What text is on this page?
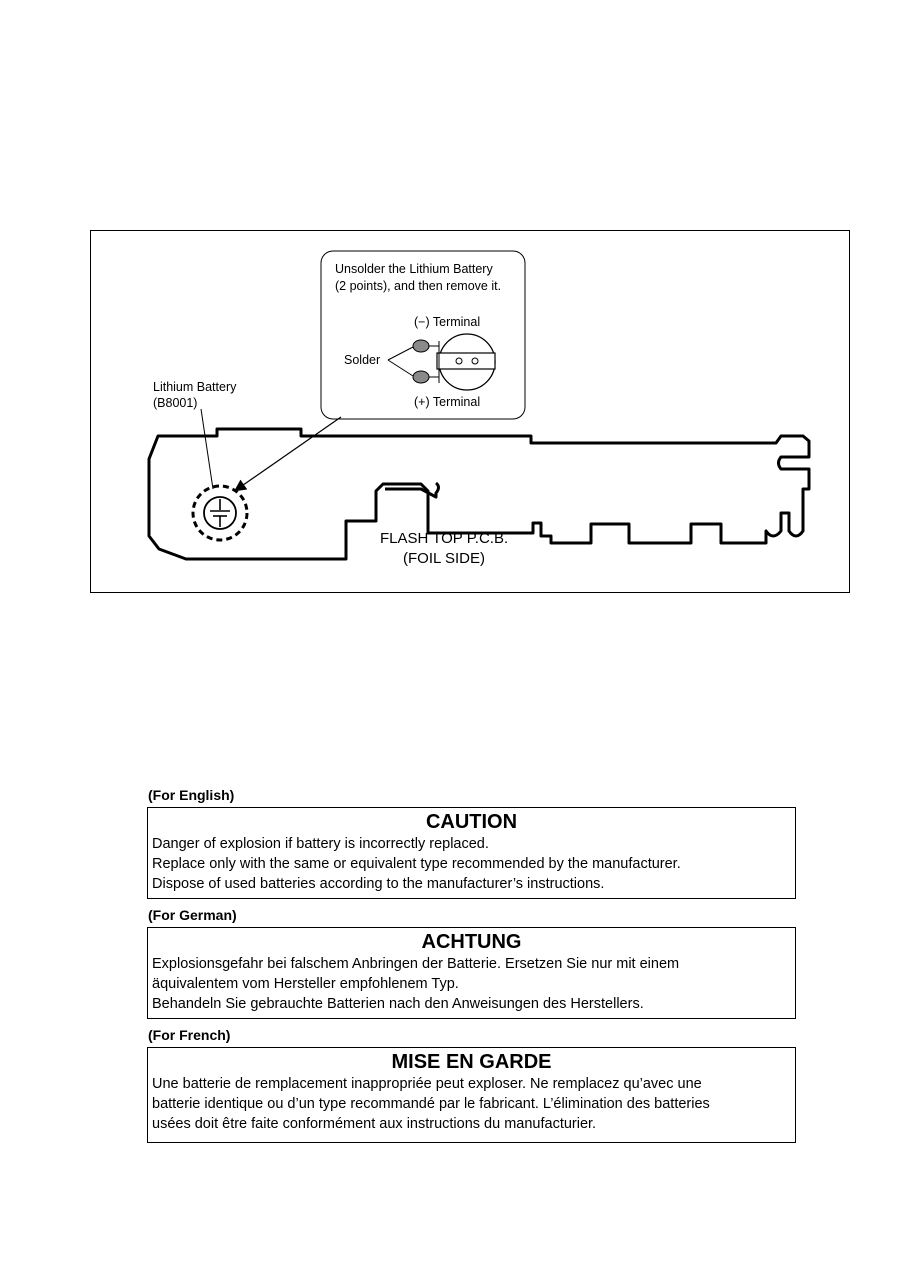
Unsolder the Lithium Battery
(2 points), and then remove it.
(−) Terminal
Solder
(+) Terminal
Lithium Battery
(B8001)
FLASH TOP P.C.B.
(FOIL SIDE)
(For English)
CAUTION
Danger of explosion if battery is incorrectly replaced.
Replace only with the same or equivalent type recommended by the manufacturer.
Dispose of used batteries according to the manufacturer’s instructions.
(For German)
ACHTUNG
Explosionsgefahr bei falschem Anbringen der Batterie. Ersetzen Sie nur mit einem
äquivalentem vom Hersteller empfohlenem Typ.
Behandeln Sie gebrauchte Batterien nach den Anweisungen des Herstellers.
(For French)
MISE EN GARDE
Une batterie de remplacement inappropriée peut exploser. Ne remplacez qu’avec une
batterie identique ou d’un type recommandé par le fabricant. L’élimination des batteries
usées doit être faite conformément aux instructions du manufacturier.
